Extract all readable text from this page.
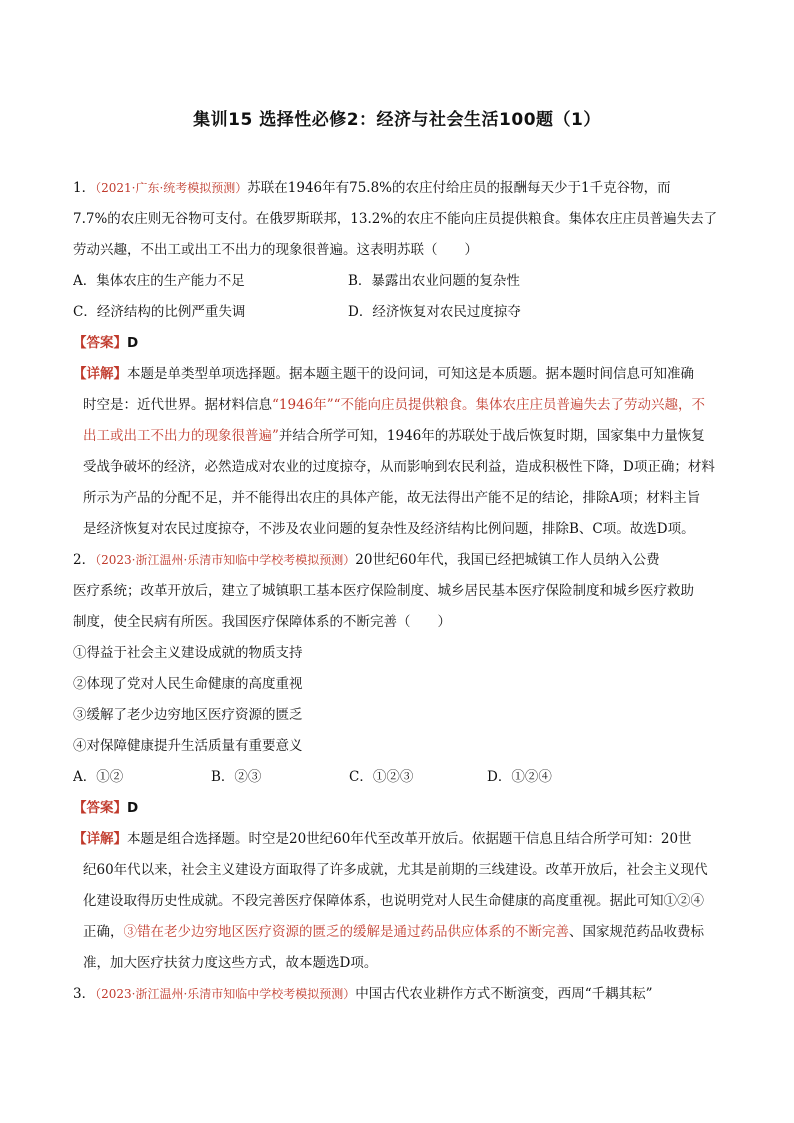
集训15 选择性必修2：经济与社会生活100题（1）
1．（2021·广东·统考模拟预测）苏联在1946年有75.8%的农庄付给庄员的报酬每天少于1千克谷物，而
7.7%的农庄则无谷物可支付。在俄罗斯联邦，13.2%的农庄不能向庄员提供粮食。集体农庄庄员普遍失去了
劳动兴趣，不出工或出工不出力的现象很普遍。这表明苏联（　　）
A．集体农庄的生产能力不足	B．暴露出农业问题的复杂性
C．经济结构的比例严重失调	D．经济恢复对农民过度掠夺
【答案】D
【详解】本题是单类型单项选择题。据本题主题干的设问词，可知这是本质题。据本题时间信息可知准确
时空是：近代世界。据材料信息“1946年”“不能向庄员提供粮食。集体农庄庄员普遍失去了劳动兴趣，不
出工或出工不出力的现象很普遍”并结合所学可知，1946年的苏联处于战后恢复时期，国家集中力量恢复
受战争破坏的经济，必然造成对农业的过度掠夺，从而影响到农民利益，造成积极性下降，D项正确；材料
所示为产品的分配不足，并不能得出农庄的具体产能，故无法得出产能不足的结论，排除A项；材料主旨
是经济恢复对农民过度掠夺，不涉及农业问题的复杂性及经济结构比例问题，排除B、C项。故选D项。
2．（2023·浙江温州·乐清市知临中学校考模拟预测）20世纪60年代，我国已经把城镇工作人员纳入公费
医疗系统；改革开放后，建立了城镇职工基本医疗保险制度、城乡居民基本医疗保险制度和城乡医疗救助
制度，使全民病有所医。我国医疗保障体系的不断完善（　　）
①得益于社会主义建设成就的物质支持
②体现了党对人民生命健康的高度重视
③缓解了老少边穷地区医疗资源的匮乏
④对保障健康提升生活质量有重要意义
A．①②	B．②③	C．①②③	D．①②④
【答案】D
【详解】本题是组合选择题。时空是20世纪60年代至改革开放后。依据题干信息且结合所学可知：20世
纪60年代以来，社会主义建设方面取得了许多成就，尤其是前期的三线建设。改革开放后，社会主义现代
化建设取得历史性成就。不段完善医疗保障体系，也说明党对人民生命健康的高度重视。据此可知①②④
正确，③错在老少边穷地区医疗资源的匮乏的缓解是通过药品供应体系的不断完善、国家规范药品收费标
准，加大医疗扶贫力度这些方式，故本题选D项。
3．（2023·浙江温州·乐清市知临中学校考模拟预测）中国古代农业耕作方式不断演变，西周“千耦其耘”
